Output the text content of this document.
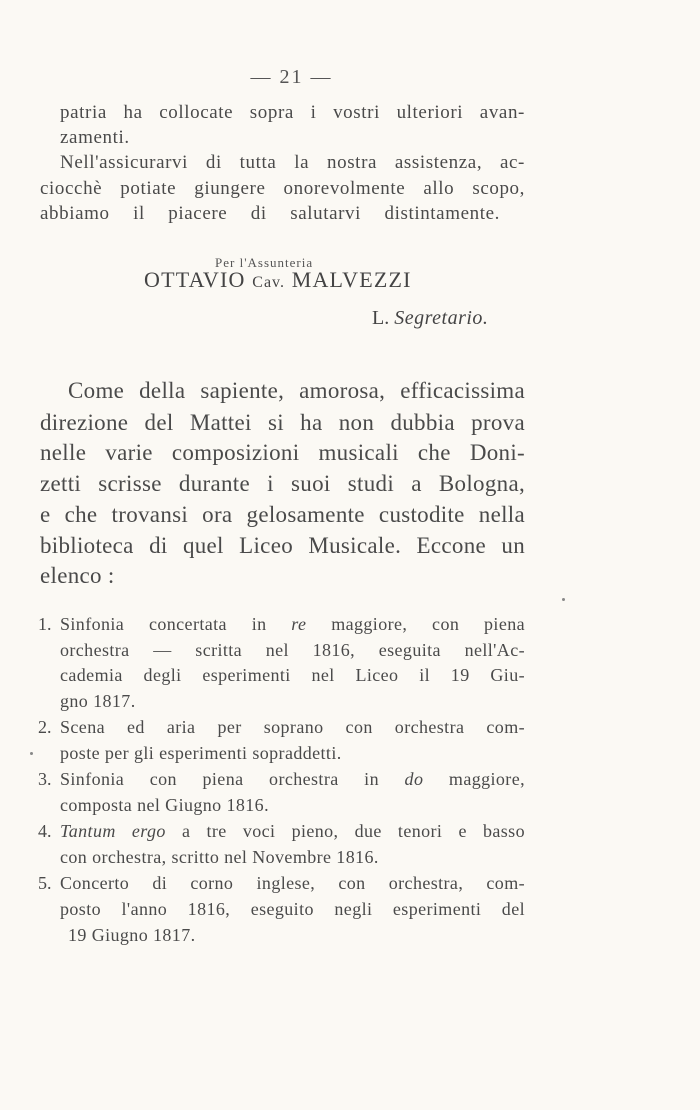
— 21 —
patria ha collocate sopra i vostri ulteriori avan-
zamenti.
Nell'assicurarvi di tutta la nostra assistenza, ac-
ciocchè potiate giungere onorevolmente allo scopo,
abbiamo il piacere di salutarvi distintamente.
Per l'Assunteria
OTTAVIO Cav. MALVEZZI
L. Segretario.
Come della sapiente, amorosa, efficacissima
direzione del Mattei si ha non dubbia prova
nelle varie composizioni musicali che Doni-
zetti scrisse durante i suoi studi a Bologna,
e che trovansi ora gelosamente custodite nella
biblioteca di quel Liceo Musicale. Eccone un
elenco :
1. Sinfonia concertata in re maggiore, con piena
orchestra — scritta nel 1816, eseguita nell'Ac-
cademia degli esperimenti nel Liceo il 19 Giu-
gno 1817.
2. Scena ed aria per soprano con orchestra com-
poste per gli esperimenti sopraddetti.
3. Sinfonia con piena orchestra in do maggiore,
composta nel Giugno 1816.
4. Tantum ergo a tre voci pieno, due tenori e basso
con orchestra, scritto nel Novembre 1816.
5. Concerto di corno inglese, con orchestra, com-
posto l'anno 1816, eseguito negli esperimenti del
19 Giugno 1817.
